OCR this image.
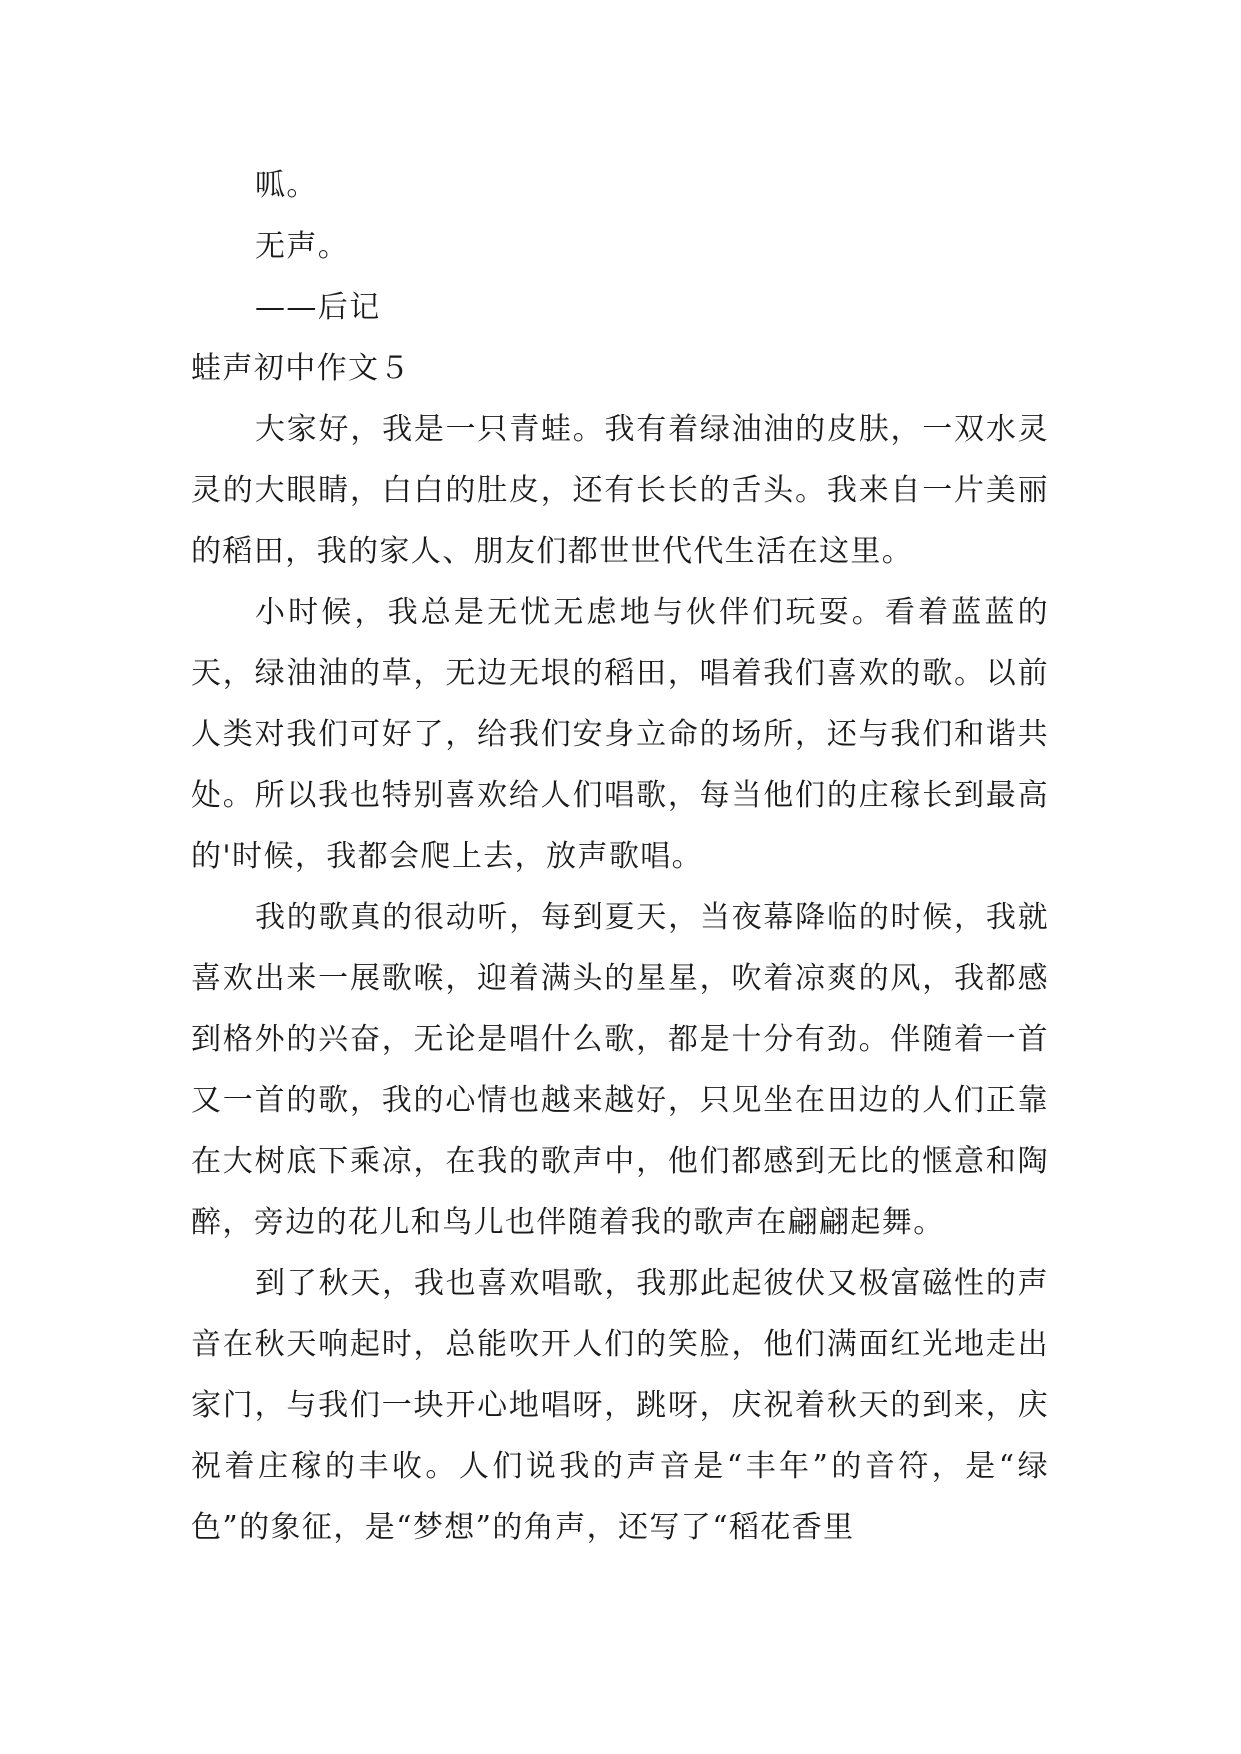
呱。
无声。
——后记
蛙声初中作文５
大家好，我是一只青蛙。我有着绿油油的皮肤，一双水灵灵的大眼睛，白白的肚皮，还有长长的舌头。我来自一片美丽的稻田，我的家人、朋友们都世世代代生活在这里。
小时候，我总是无忧无虑地与伙伴们玩耍。看着蓝蓝的天，绿油油的草，无边无垠的稻田，唱着我们喜欢的歌。以前人类对我们可好了，给我们安身立命的场所，还与我们和谐共处。所以我也特别喜欢给人们唱歌，每当他们的庄稼长到最高的'时候，我都会爬上去，放声歌唱。
我的歌真的很动听，每到夏天，当夜幕降临的时候，我就喜欢出来一展歌喉，迎着满头的星星，吹着凉爽的风，我都感到格外的兴奋，无论是唱什么歌，都是十分有劲。伴随着一首又一首的歌，我的心情也越来越好，只见坐在田边的人们正靠在大树底下乘凉，在我的歌声中，他们都感到无比的惬意和陶醉，旁边的花儿和鸟儿也伴随着我的歌声在翩翩起舞。
到了秋天，我也喜欢唱歌，我那此起彼伏又极富磁性的声音在秋天响起时，总能吹开人们的笑脸，他们满面红光地走出家门，与我们一块开心地唱呀，跳呀，庆祝着秋天的到来，庆祝着庄稼的丰收。人们说我的声音是“丰年”的音符，是“绿色”的象征，是“梦想”的角声，还写了“稻花香里
